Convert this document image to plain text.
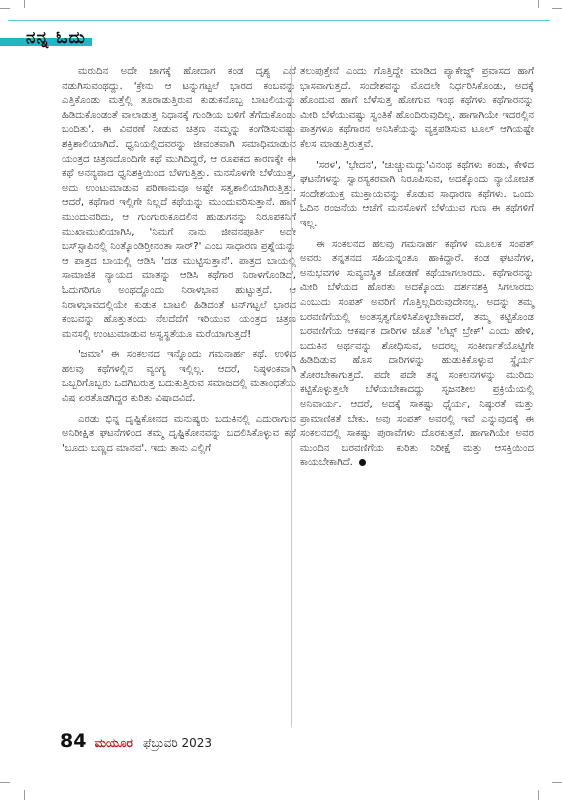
ನನ್ನ ಓದು

ಮರುದಿನ ಅದೇ ಜಾಗಕ್ಕೆ ಹೋದಾಗ ಕಂಡ ದೃಶ್ಯ ಎದೆ ನಡುಗಿಸುವಂಥದ್ದು. 'ಕ್ರೇನು ಆ ಟನ್ನುಗಟ್ಟಲೆ ಭಾರದ ಕಂಬವನ್ನು ಎತ್ತಿಕೊಂಡು ಮತ್ತೆಲ್ಲಿ ತೂರಾಡುತ್ತಿರುವ ಕುಡುಕನೊಬ್ಬ ಬಾಟಲಿಯನ್ನು ಹಿಡಿದುಕೊಂಡಂತೆ ವಾಲಾಡುತ್ತ ನಿಧಾನಕ್ಕೆ ಗುಂಡಿಯ ಬಳಿಗೆ ತೆಗೆದುಕೊಂಡು ಬಂದಿತು'. ಈ ವಿವರಣೆ ನೀಡುವ ಚಿತ್ರಣ ನಮ್ಮನ್ನು ಕಂಗೆಡಿಸುವಷ್ಟು ಶಕ್ತಿಶಾಲಿಯಾಗಿದೆ. ಧ್ವನಿಯಲ್ಲಿದವರನ್ನು ಜೀವಂತವಾಗಿ ಸಮಾಧಿಮಾಡುವ ಯಂತ್ರದ ಚಿತ್ರಣದೊಂದಿಗೇ ಕಥೆ ಮುಗಿದಿದ್ದರೆ, ಆ ರೂಪಕದ ಕಾರಣಕ್ಕೇ ಈ ಕಥೆ ಅನನ್ಯವಾದ ಧ್ವನಿಶಕ್ತಿಯಿಂದ ಬೆಳಗುತ್ತಿತ್ತು. ಮನಸೊಳಗೇ ಬೆಳೆಯುತ್ತ, ಅದು ಉಂಟುಮಾಡುವ ಪರಿಣಾಮವೂ ಅಷ್ಟೇ ಸತ್ವಶಾಲಿಯಾಗಿರುತ್ತಿತ್ತು. ಆದರೆ, ಕಥೆಗಾರ ಇಲ್ಲಿಗೇ ನಿಲ್ಲದೆ ಕಥೆಯನ್ನು ಮುಂದುವರಿಸುತ್ತಾನೆ. ಹಾಗೆ ಮುಂದುವರಿದು, ಆ ಗುಂಗುರುಕೂದಲಿನ ಹುಡುಗನನ್ನು ನಿರೂಪಕನಿಗೆ ಮುಖಾಮುಖಿಯಾಗಿಸಿ, 'ನಿಮಗೆ ನಾನು ಜೀವನಪೂರ್ತಿ ಅದೇ ಬಸ್‌ಸ್ಟಾಪಿನಲ್ಲಿ ನಿಂತ್ಕೊಂಡಿರ್‍ತೀನಂತಾ ಸಾರ್?' ಎಂಬ ಸಾಧಾರಣ ಪ್ರಶ್ನೆಯನ್ನು ಆ ಪಾತ್ರದ ಬಾಯಲ್ಲಿ ಆಡಿಸಿ 'ದಡ ಮುಟ್ಟಿಸುತ್ತಾನೆ'. ಪಾತ್ರದ ಬಾಯಲ್ಲಿ ಸಾಮಾಜಿಕ ನ್ಯಾಯದ ಮಾತನ್ನು ಆಡಿಸಿ ಕಥೆಗಾರ ನಿರಾಳಗೊಂಡಿದೆ, ಓದುಗರಿಗೂ ಅಂಥದ್ದೊಂದು ನಿರಾಳಭಾವ ಹುಟ್ಟುತ್ತದೆ. ಆ ನಿರಾಳಭಾವದಲ್ಲಿಯೇ ಕುಡುಕ ಬಾಟಲಿ ಹಿಡಿದಂತೆ ಟನ್‌ಗಟ್ಟಲೆ ಭಾರದ ಕಂಬವನ್ನು ಹೊತ್ತುತಂದು ನೆಲದೆದೆಗೆ ಇರಿಯುವ ಯಂತ್ರದ ಚಿತ್ರಣ ಮನಸಲ್ಲಿ ಉಂಟುಮಾಡುವ ಅಸ್ವಸ್ಥತೆಯೂ ಮರೆಯಾಗುತ್ತದೆ!

'ಜಮಾ' ಈ ಸಂಕಲನದ ಇನ್ನೊಂದು ಗಮನಾರ್ಹ ಕಥೆ. ಉಳಿದ ಹಲವು ಕಥೆಗಳಲ್ಲಿನ ವ್ಯಂಗ್ಯ ಇಲ್ಲಿಲ್ಲ. ಆದರೆ, ನಿಷ್ಠಳಂಕವಾಗಿ ಒಬ್ಬರಿಗೊಬ್ಬರು ಒದಗಿಬರುತ್ತ ಬದುಕುತ್ತಿರುವ ಸಮಾಜದಲ್ಲಿ ಮತಾಂಧತೆಯ ವಿಷ ಏರತೊಡಗಿದ್ದರ ಕುರಿತು ವಿಷಾದವಿದೆ.

ಎರಡು ಭಿನ್ನ ದೃಷ್ಟಿಕೋನದ ಮನುಷ್ಯರು ಬದುಕಿನಲ್ಲಿ ಎದುರಾಗುವ ಅನಿರೀಕ್ಷಿತ ಘಟನೆಗಳಿಂದ ತಮ್ಮ ದೃಷ್ಟಿಕೋನವನ್ನು ಬದಲಿಸಿಕೊಳ್ಳುವ ಕಥೆ 'ಬೂದು ಬಣ್ಣದ ಮಾನವ'. ಇದು ತಾನು ಎಲ್ಲಿಗೆ

ತಲುಪುತ್ತೇನೆ ಎಂದು ಗೊತ್ತಿದ್ದೇ ಮಾಡಿದ ಪ್ಯಾಕೇಜ್ಡ್ ಪ್ರವಾಸದ ಹಾಗೆ ಭಾಸವಾಗುತ್ತದೆ. ಸಂದೇಶವನ್ನು ಮೊದಲೇ ನಿರ್ಧರಿಸಿಕೊಂಡು, ಅದಕ್ಕೆ ಹೊಂದುವ ಹಾಗೆ ಬೆಳೆಸುತ್ತ ಹೋಗುವ ಇಂಥ ಕಥೆಗಳು ಕಥೆಗಾರನನ್ನು ಮೀರಿ ಬೆಳೆಯುವಷ್ಟು ಸ್ವಂತಿಕೆ ಹೊಂದಿರುವುದಿಲ್ಲ. ಹಾಗಾಗಿಯೇ ಇದರಲ್ಲಿನ ಪಾತ್ರಗಳೂ ಕಥೆಗಾರನ ಅನಿಸಿಕೆಯನ್ನು ವ್ಯಕ್ತಪಡಿಸುವ ಟೂಲ್ ಆಗಿಯಷ್ಟೇ ಕೆಲಸ ಮಾಡುತ್ತಿರುತ್ತವೆ.

'ಸರಳ', 'ಭೇದನ', 'ಚುಚ್ಚುಮದ್ದು'ವಿನಂಥ ಕಥೆಗಳು ಕಂಡು, ಕೇಳಿದ ಘಟನೆಗಳನ್ನು ಸ್ವಾರಸ್ಯಕರವಾಗಿ ನಿರೂಪಿಸುವ, ಅದಕ್ಕೊಂದು ನ್ಯಾಯೋಚಿತ ಸಂದೇಶಯುಕ್ತ ಮುಕ್ತಾಯವನ್ನು ಕೊಡುವ ಸಾಧಾರಣ ಕಥೆಗಳು. ಒಂದು ಓದಿನ ರಂಜನೆಯ ಆಚೆಗೆ ಮನಸೊಳಗೆ ಬೆಳೆಯುವ ಗುಣ ಈ ಕಥೆಗಳಿಗೆ ಇಲ್ಲ.

ಈ ಸಂಕಲನದ ಹಲವು ಗಮನಾರ್ಹ ಕಥೆಗಳ ಮೂಲಕ ಸಂಪತ್ ಅವರು ತನ್ನತನದ ಸಹಿಯನ್ನಂತೂ ಹಾಕಿದ್ದಾರೆ. ಕಂಡ ಘಟನೆಗಳ, ಅನುಭವಗಳ ಸುವ್ಯವಸ್ಥಿತ ಜೋಡಣೆ ಕಥೆಯಾಗಲಾರದು. ಕಥೆಗಾರನನ್ನು ಮೀರಿ ಬೆಳೆಯದ ಹೊರತು ಅದಕ್ಕೊಂದು ದರ್ಶನಶಕ್ತಿ ಸಿಗಲಾರದು ಎಂಬುದು ಸಂಪತ್ ಅವರಿಗೆ ಗೊತ್ತಿಲ್ಲದಿರುವುದೇನಲ್ಲ. ಅದನ್ನು ತಮ್ಮ ಬರವಣಿಗೆಯಲ್ಲಿ ಅಂತಸ್ಸತ್ವಗೊಳಿಸಿಕೊಳ್ಳಬೇಕಾದರೆ, ತಮ್ಮ ಕಟ್ಟಿಕೊಂಡ ಬರವಣಿಗೆಯ ಆಕರ್ಷಕ ದಾರಿಗಳ ಜೊತೆ 'ಲೆಟ್ಸ್ ಬ್ರೇಕ್' ಎಂದು ಹೇಳಿ, ಬದುಕಿನ ಅರ್ಥವನ್ನು ಶೋಧಿಸುವ, ಅದರಲ್ಲ ಸಂಕೀರ್ಣತೆಯೊಟ್ಟಿಗೇ ಹಿಡಿದಿಡುವ ಹೊಸ ದಾರಿಗಳನ್ನು ಹುಡುಕಿಕೊಳ್ಳುವ ಸ್ಥೈರ್ಯ ತೋರಬೇಕಾಗುತ್ತದೆ. ಪದೇ ಪದೇ ತನ್ನ ಸಂಕಲನಗಳನ್ನು ಮುರಿದು ಕಟ್ಟಿಕೊಳ್ಳುತ್ತಲೇ ಬೆಳೆಯಬೇಕಾದದ್ದು ಸೃಜನಶೀಲ ಪ್ರಕ್ರಿಯೆಯಲ್ಲಿ ಅನಿವಾರ್ಯ. ಆದರೆ, ಅದಕ್ಕೆ ಸಾಕಷ್ಟು ಧೈರ್ಯ, ನಿಷ್ಠುರತೆ ಮತ್ತು ಪ್ರಾಮಾಣಿಕತೆ ಬೇಕು. ಅವು ಸಂಪತ್ ಅವರಲ್ಲಿ ಇವೆ ಎನ್ನುವುದಕ್ಕೆ ಈ ಸಂಕಲನದಲ್ಲಿ ಸಾಕಷ್ಟು ಪುರಾವೆಗಳು ದೊರಕುತ್ತವೆ. ಹಾಗಾಗಿಯೇ ಅವರ ಮುಂದಿನ ಬರವಣಿಗೆಯ ಕುರಿತು ನಿರೀಕ್ಷೆ ಮತ್ತು ಆಸಕ್ತಿಯಿಂದ ಕಾಯಬೇಕಾಗಿದೆ.

84 ಮಯೂರ ಫೆಬ್ರುವರಿ 2023
